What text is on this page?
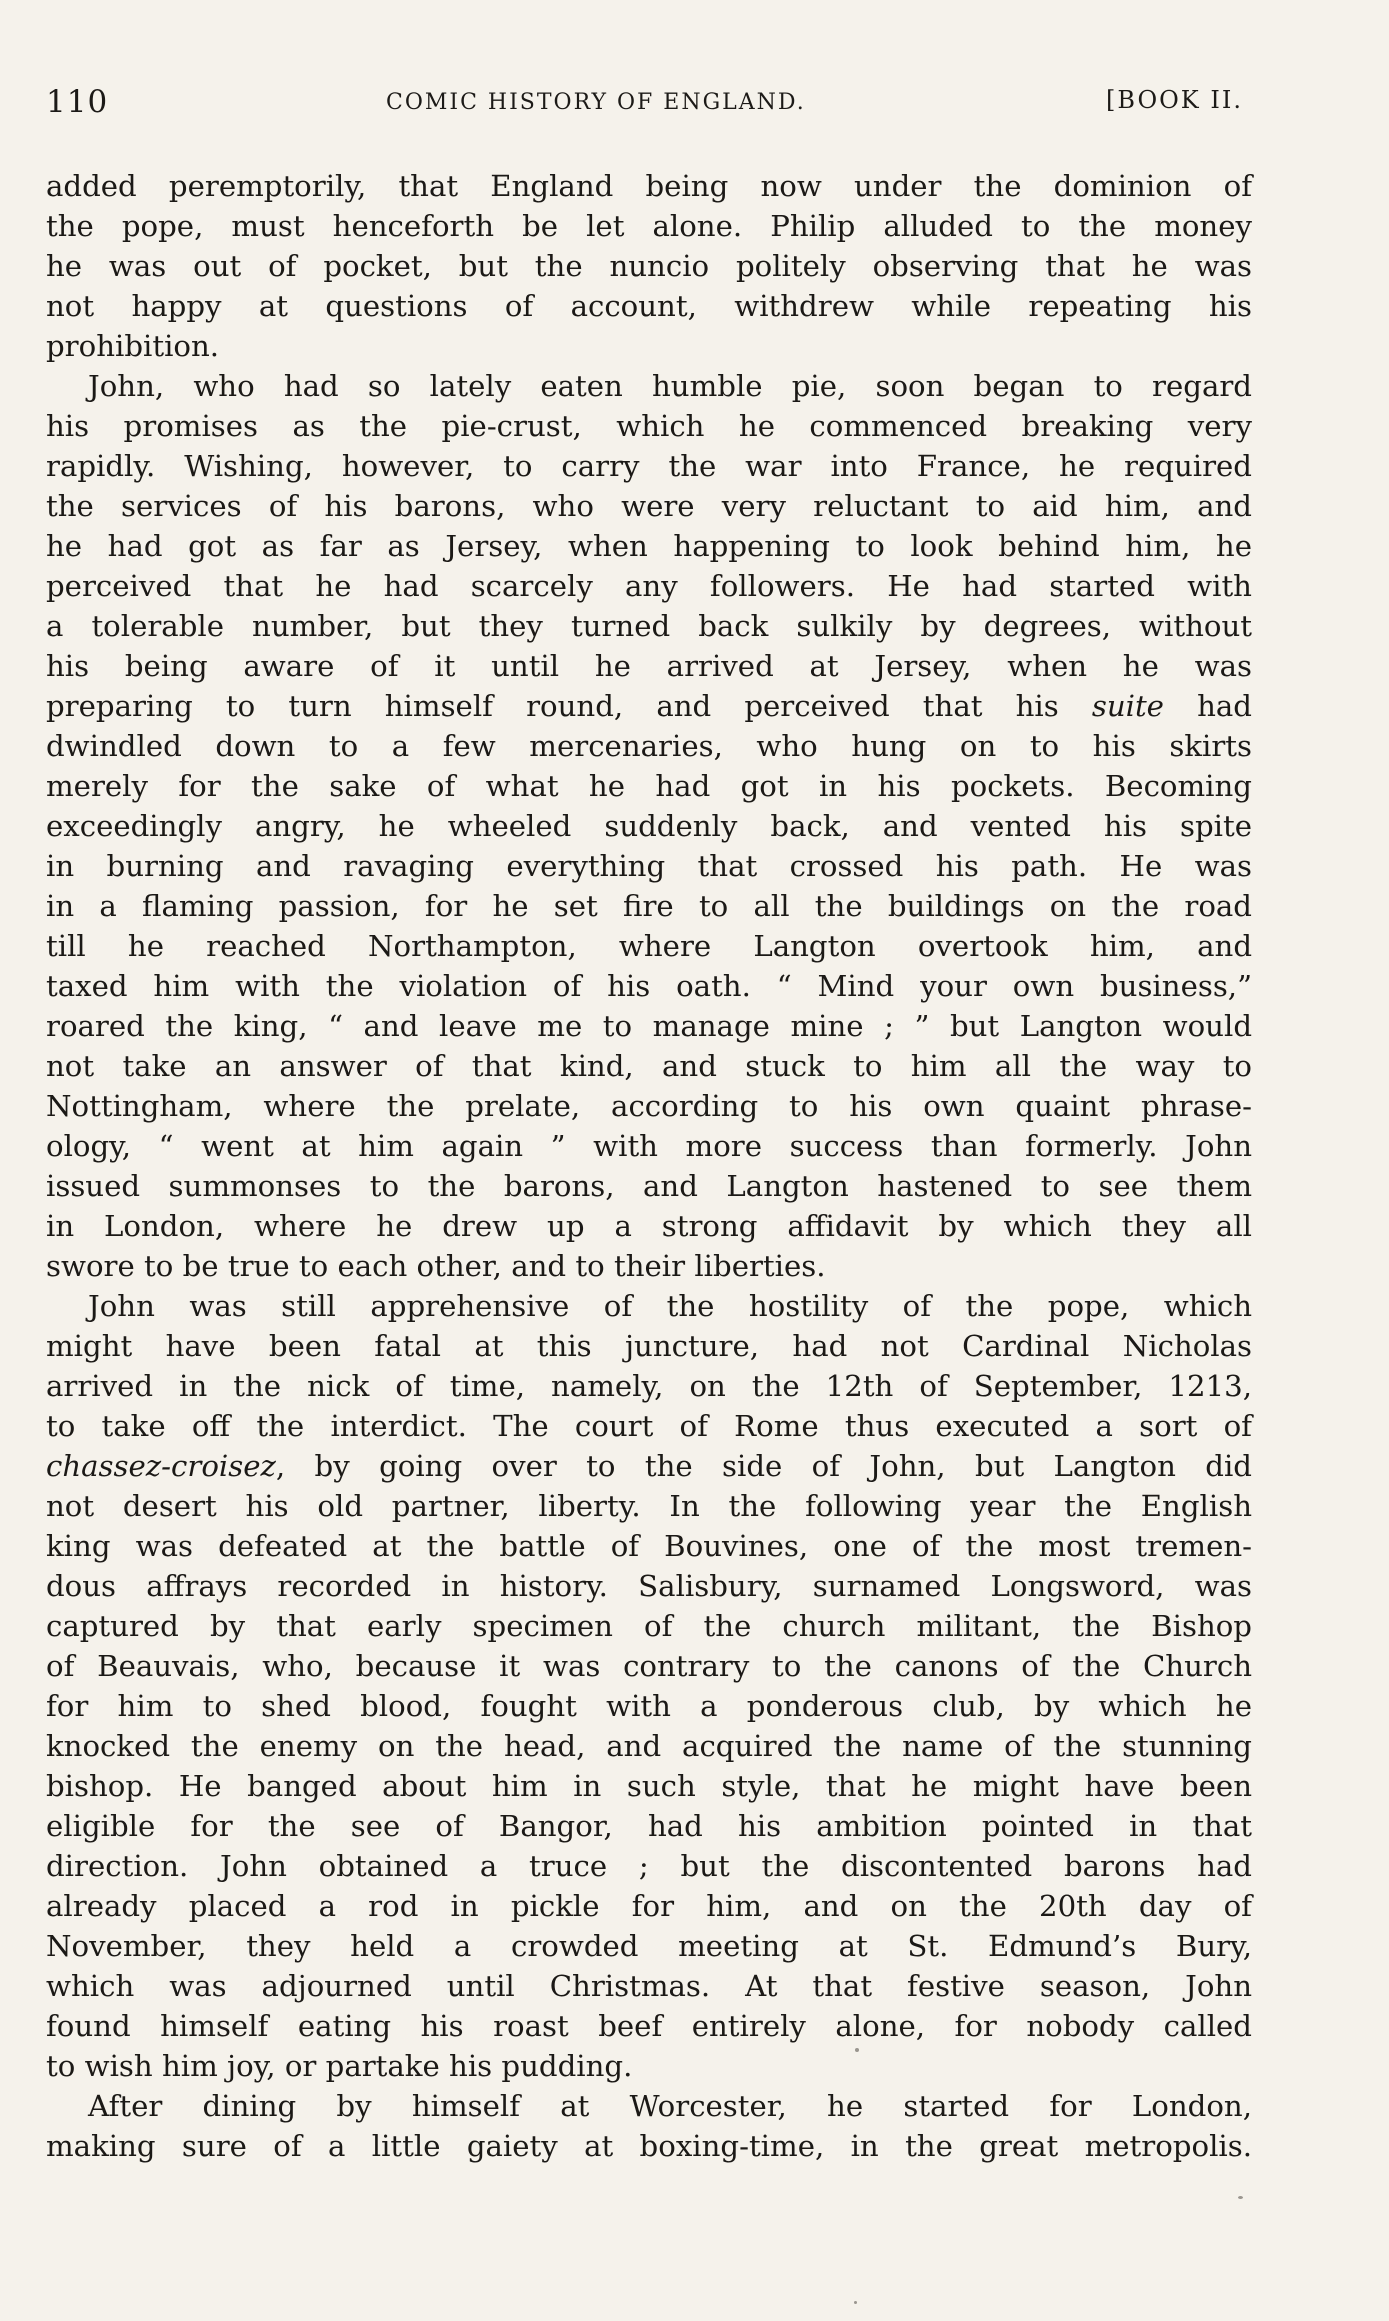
110	COMIC HISTORY OF ENGLAND.	[BOOK II.
added peremptorily, that England being now under the dominion of
the pope, must henceforth be let alone. Philip alluded to the money
he was out of pocket, but the nuncio politely observing that he was
not happy at questions of account, withdrew while repeating his
prohibition.
John, who had so lately eaten humble pie, soon began to regard
his promises as the pie-crust, which he commenced breaking very
rapidly. Wishing, however, to carry the war into France, he required
the services of his barons, who were very reluctant to aid him, and
he had got as far as Jersey, when happening to look behind him, he
perceived that he had scarcely any followers. He had started with
a tolerable number, but they turned back sulkily by degrees, without
his being aware of it until he arrived at Jersey, when he was
preparing to turn himself round, and perceived that his suite had
dwindled down to a few mercenaries, who hung on to his skirts
merely for the sake of what he had got in his pockets. Becoming
exceedingly angry, he wheeled suddenly back, and vented his spite
in burning and ravaging everything that crossed his path. He was
in a flaming passion, for he set fire to all the buildings on the road
till he reached Northampton, where Langton overtook him, and
taxed him with the violation of his oath. “ Mind your own business,”
roared the king, “ and leave me to manage mine ; ” but Langton would
not take an answer of that kind, and stuck to him all the way to
Nottingham, where the prelate, according to his own quaint phrase-
ology, “ went at him again ” with more success than formerly. John
issued summonses to the barons, and Langton hastened to see them
in London, where he drew up a strong affidavit by which they all
swore to be true to each other, and to their liberties.
John was still apprehensive of the hostility of the pope, which
might have been fatal at this juncture, had not Cardinal Nicholas
arrived in the nick of time, namely, on the 12th of September, 1213,
to take off the interdict. The court of Rome thus executed a sort of
chassez-croisez, by going over to the side of John, but Langton did
not desert his old partner, liberty. In the following year the English
king was defeated at the battle of Bouvines, one of the most tremen-
dous affrays recorded in history. Salisbury, surnamed Longsword, was
captured by that early specimen of the church militant, the Bishop
of Beauvais, who, because it was contrary to the canons of the Church
for him to shed blood, fought with a ponderous club, by which he
knocked the enemy on the head, and acquired the name of the stunning
bishop. He banged about him in such style, that he might have been
eligible for the see of Bangor, had his ambition pointed in that
direction. John obtained a truce ; but the discontented barons had
already placed a rod in pickle for him, and on the 20th day of
November, they held a crowded meeting at St. Edmund’s Bury,
which was adjourned until Christmas. At that festive season, John
found himself eating his roast beef entirely alone, for nobody called
to wish him joy, or partake his pudding.
After dining by himself at Worcester, he started for London,
making sure of a little gaiety at boxing-time, in the great metropolis.
